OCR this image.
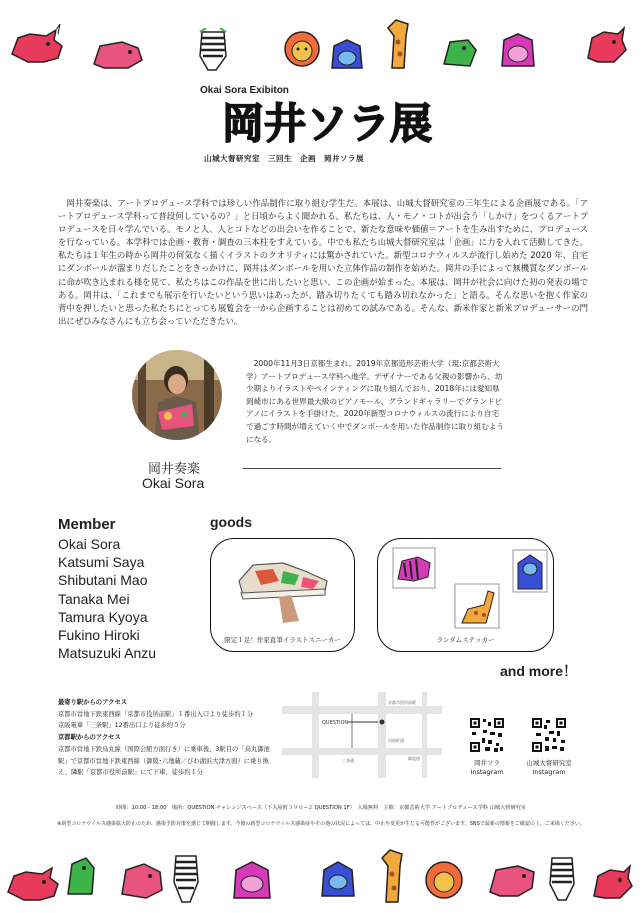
Okai Sora Exibiton
岡井ソラ展
山城大督研究室　三回生　企画　岡井ソラ展

岡井奏楽は、アートプロデュース学科では珍しい作品制作に取り組む学生だ。本展は、山城大督研究室の三年生による企画展である。「アートプロデュース学科って普段何しているの？」と日頃からよく聞かれる。私たちは、人・モノ・コトが出会う「しかけ」をつくるアートプロデュースを日々学んでいる。モノと人、人とコトなどの出会いを作ることで、新たな意味や価値＝アートを生み出すために、プロデュースを行なっている。本学科では企画・教育・調査の三本柱をすえている。中でも私たち山城大督研究室は「企画」に力を入れて活動してきた。私たちは１年生の時から岡井の何気なく描くイラストのクオリティには驚かされていた。新型コロナウィルスが流行し始めた 2020 年、自宅にダンボールが溜まりだしたことをきっかけに、岡井はダンボールを用いた立体作品の制作を始めた。岡井の手によって無機質なダンボールに命が吹き込まれる様を見て、私たちはこの作品を世に出したいと思い、この企画が始まった。本展は、岡井が社会に向けた初の発表の場である。岡井は、「これまでも展示を行いたいという思いはあったが、踏み切りたくても踏み切れなかった」と語る。そんな思いを抱く作家の背中を押したいと思った私たちにとっても展覧会を一から企画することは初めての試みである。そんな、新米作家と新米プロデューサーの門出にぜひみなさんにも立ち会っていただきたい。

岡井奏楽
Okai Sora

2000年11月3日京都生まれ。2019年京都造形芸術大学（現:京都芸術大学）アートプロデュース学科へ進学。デザイナーである父親の影響から、幼少期よりイラストやペインティングに取り組んでおり、2018年には愛知県岡崎市にある世界最大級のピアノモール、グランドギャラリーでグランドピアノにイラストを手掛けた。2020年新型コロナウィルスの流行により自宅で過ごす時間が増えていく中でダンボールを用いた作品制作に取り組むようになる。

Member
Okai Sora
Katsumi Saya
Shibutani Mao
Tanaka Mei
Tamura Kyoya
Fukino Hiroki
Matsuzuki Anzu
goods
限定１足！作家直筆イラストスニーカー	ランダムステッカー
and more！
最寄り駅からのアクセス
京都市営地下鉄東西線「京都市役所前駅」１番出入口より徒歩約１分
京阪電車「三条駅」12番出口より徒歩約５分
京都駅からのアクセス
京都市営地下鉄烏丸線（国際会館方面行き）に乗車後、3駅目の「烏丸御池駅」で京都市営地下鉄東西線（御陵･六地蔵／びわ湖浜大津方面）に乗り換え、隣駅「京都市役所前駅」にて下車、徒歩約１分
QUESTION
京都市役所前駅
河原町通
三条通	御池通
岡井ソラ
Instagram
山城大督研究室
Instagram
時間：10:00 - 18:00　場所：QUESTION チャレンジスペース（下丸屋町３９０−２ QUESTION 1F）　入場無料　主催：京都芸術大学 アートプロデュース学科 山城大督研究室
※新型コロナウイルス感染拡大防止のため、感染予防対策を講じて開催します。今後の新型コロナウイルス感染症やその他の状況によっては、中止や変更が生じる可能性がございます。SNSで最新の情報をご確認の上、ご来場ください。
